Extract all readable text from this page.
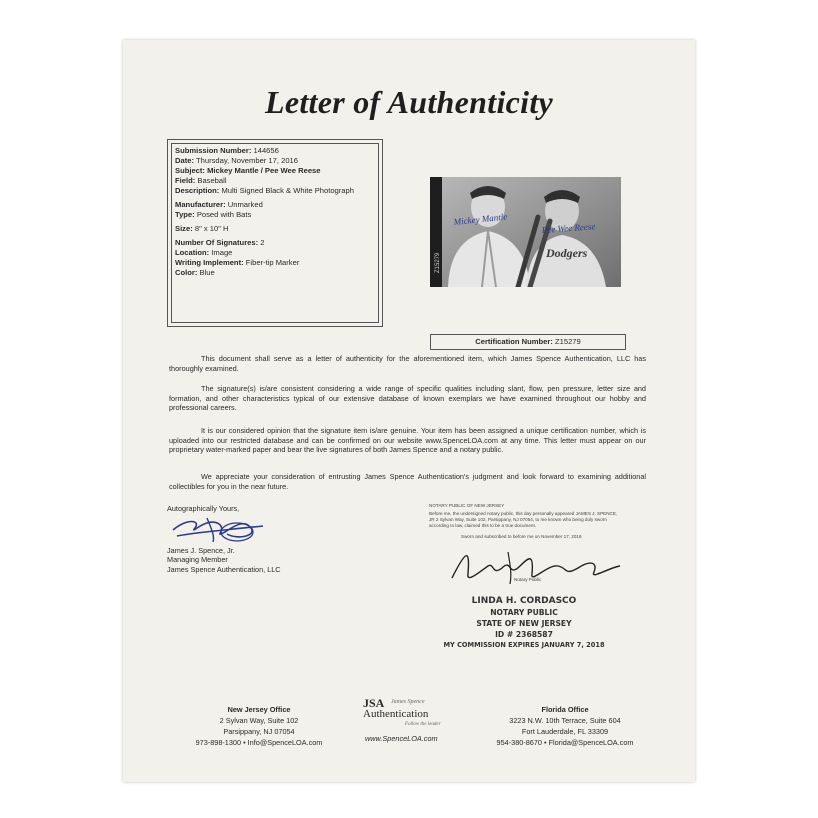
Letter of Authenticity
Submission Number: 144656
Date: Thursday, November 17, 2016
Subject: Mickey Mantle / Pee Wee Reese
Field: Baseball
Description: Multi Signed Black & White Photograph
Manufacturer: Unmarked
Type: Posed with Bats
Size: 8" x 10" H
Number Of Signatures: 2
Location: Image
Writing Implement: Fiber-tip Marker
Color: Blue	Z15279
Mickey Mantle
Pee Wee Reese
Dodgers
Certification Number: Z15279
This document shall serve as a letter of authenticity for the aforementioned item, which James Spence Authentication, LLC has thoroughly examined.
The signature(s) is/are consistent considering a wide range of specific qualities including slant, flow, pen pressure, letter size and formation, and other characteristics typical of our extensive database of known exemplars we have examined throughout our hobby and professional careers.
It is our considered opinion that the signature item is/are genuine. Your item has been assigned a unique certification number, which is uploaded into our restricted database and can be confirmed on our website www.SpenceLOA.com at any time. This letter must appear on our proprietary water-marked paper and bear the live signatures of both James Spence and a notary public.
We appreciate your consideration of entrusting James Spence Authentication's judgment and look forward to examining additional collectibles for you in the near future.
Autographically Yours,
James J. Spence, Jr.
Managing Member
James Spence Authentication, LLC
NOTARY PUBLIC OF NEW JERSEY
Before me, the undersigned notary public, this day personally appeared JAMES J. SPENCE, JR 2 Sylvan Way, Suite 102, Parsippany, NJ 07054, to me known who being duly sworn according to law, claimed this to be a true document.
Sworn and subscribed to before me on November 17, 2016
Notary Public
LINDA H. CORDASCO
NOTARY PUBLIC
STATE OF NEW JERSEY
ID # 2368587
MY COMMISSION EXPIRES JANUARY 7, 2018
New Jersey Office
2 Sylvan Way, Suite 102
Parsippany, NJ 07054
973-898-1300 • Info@SpenceLOA.com
JSA James Spence
Authentication
Follow the leader
www.SpenceLOA.com
Florida Office
3223 N.W. 10th Terrace, Suite 604
Fort Lauderdale, FL 33309
954-380-8670 • Florida@SpenceLOA.com
